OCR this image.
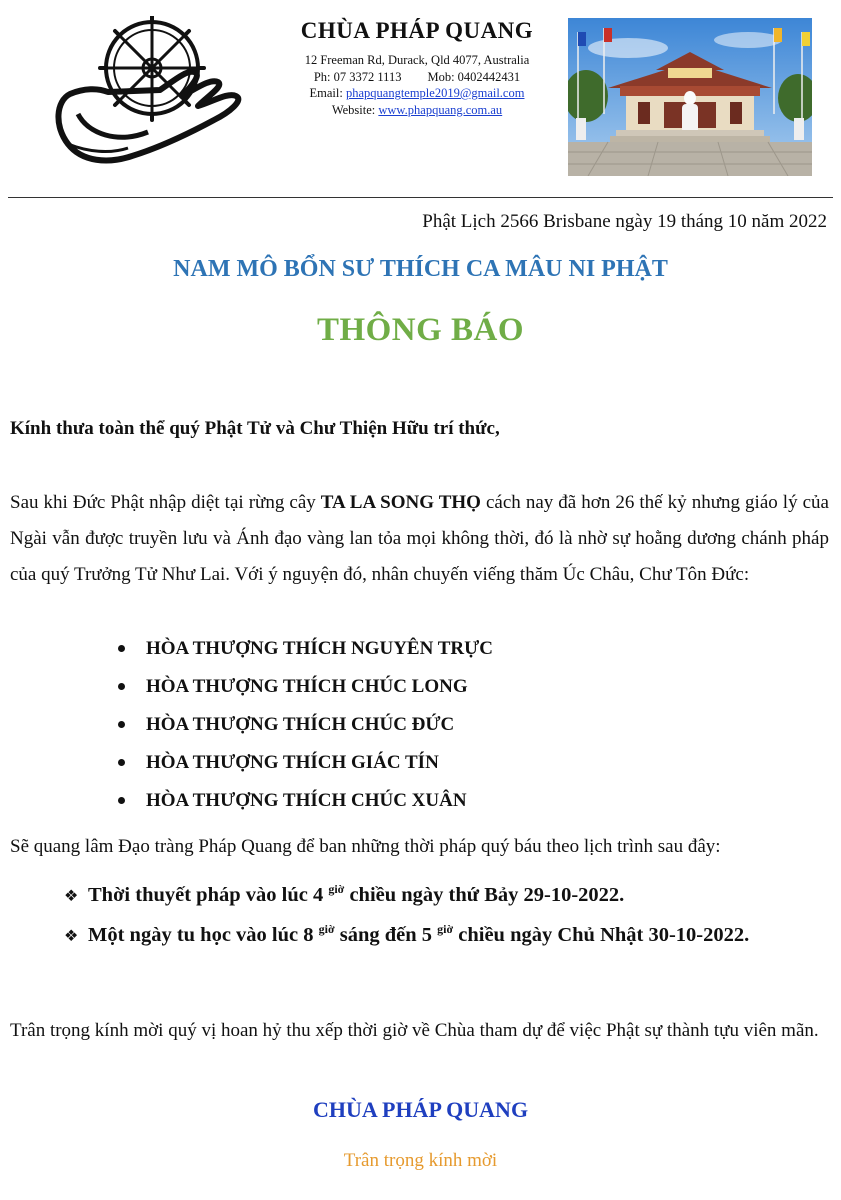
CHÙA PHÁP QUANG
12 Freeman Rd, Durack, Qld 4077, Australia
Ph: 07 3372 1113 Mob: 0402442431
Email: phapquangtemple2019@gmail.com
Website: www.phapquang.com.au
Phật Lịch 2566 Brisbane ngày 19 tháng 10 năm 2022
NAM MÔ BỔN SƯ THÍCH CA MÂU NI PHẬT
THÔNG BÁO
Kính thưa toàn thể quý Phật Tử và Chư Thiện Hữu trí thức,
Sau khi Đức Phật nhập diệt tại rừng cây TA LA SONG THỌ cách nay đã hơn 26 thế kỷ nhưng giáo lý của Ngài vẫn được truyền lưu và Ánh đạo vàng lan tỏa mọi không thời, đó là nhờ sự hoằng dương chánh pháp của quý Trưởng Tử Như Lai. Với ý nguyện đó, nhân chuyến viếng thăm Úc Châu, Chư Tôn Đức:
HÒA THƯỢNG THÍCH NGUYÊN TRỰC
HÒA THƯỢNG THÍCH CHÚC LONG
HÒA THƯỢNG THÍCH CHÚC ĐỨC
HÒA THƯỢNG THÍCH GIÁC TÍN
HÒA THƯỢNG THÍCH CHÚC XUÂN
Sẽ quang lâm Đạo tràng Pháp Quang để ban những thời pháp quý báu theo lịch trình sau đây:
❖ Thời thuyết pháp vào lúc 4 $^{giờ}$ chiều ngày thứ Bảy 29-10-2022.
❖ Một ngày tu học vào lúc 8 $^{giờ}$ sáng đến 5 $^{giờ}$ chiều ngày Chủ Nhật 30-10-2022.
Trân trọng kính mời quý vị hoan hỷ thu xếp thời giờ về Chùa tham dự để việc Phật sự thành tựu viên mãn.
CHÙA PHÁP QUANG
Trân trọng kính mời
